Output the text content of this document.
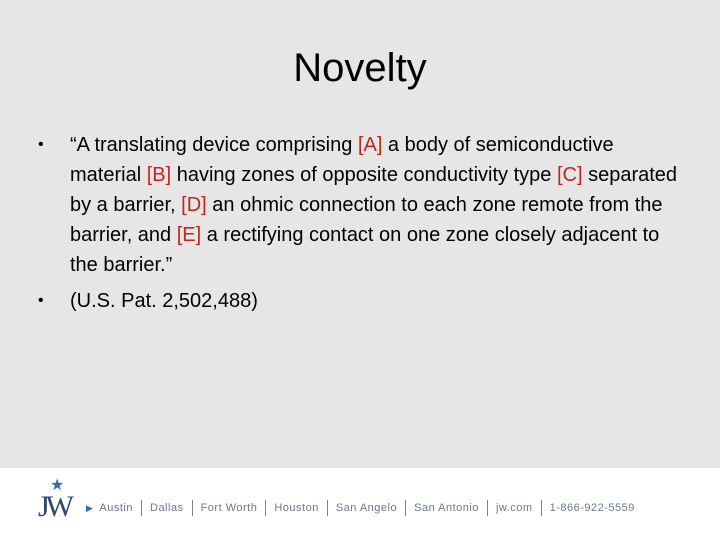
Novelty
• “A translating device comprising [A] a body of semiconductive material [B] having zones of opposite conductivity type [C] separated by a barrier, [D] an ohmic connection to each zone remote from the barrier, and [E] a rectifying contact on one zone closely adjacent to the barrier.”
• (U.S. Pat. 2,502,488)
★
JW ▶ Austin Dallas Fort Worth Houston San Angelo San Antonio jw.com 1-866-922-5559
